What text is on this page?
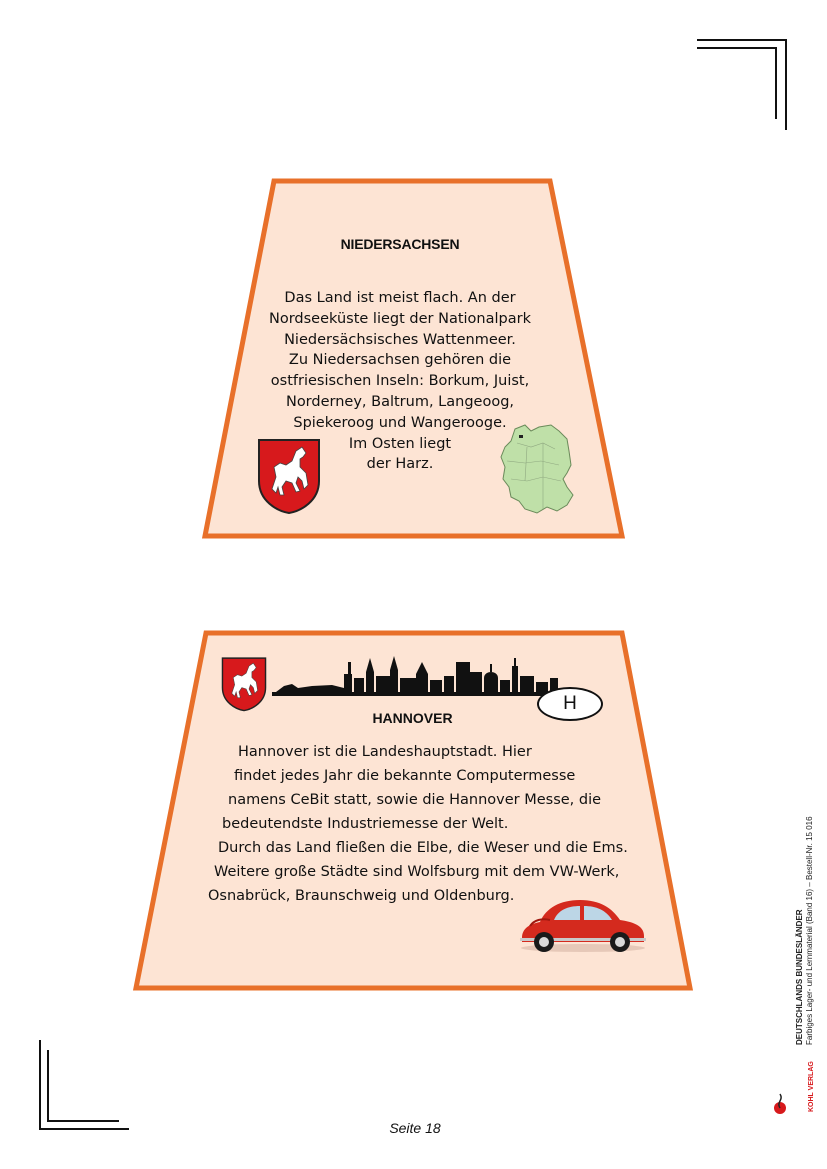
NIEDERSACHSEN
Das Land ist meist flach. An der
Nordseeküste liegt der Nationalpark
Niedersächsisches Wattenmeer.
Zu Niedersachsen gehören die
ostfriesischen Inseln: Borkum, Juist,
Norderney, Baltrum, Langeoog,
Spiekeroog und Wangerooge.
Im Osten liegt
der Harz.
H
HANNOVER
Hannover ist die Landeshauptstadt. Hier
findet jedes Jahr die bekannte Computermesse
namens CeBit statt, sowie die Hannover Messe, die
bedeutendste Industriemesse der Welt.
Durch das Land fließen die Elbe, die Weser und die Ems.
Weitere große Städte sind Wolfsburg mit dem VW-Werk,
Osnabrück, Braunschweig und Oldenburg.
Seite 18
DEUTSCHLANDS BUNDESLÄNDER Farbiges Lager- und Lernmaterial (Band 16) – Bestell-Nr. 15 016
KOHL VERLAG
